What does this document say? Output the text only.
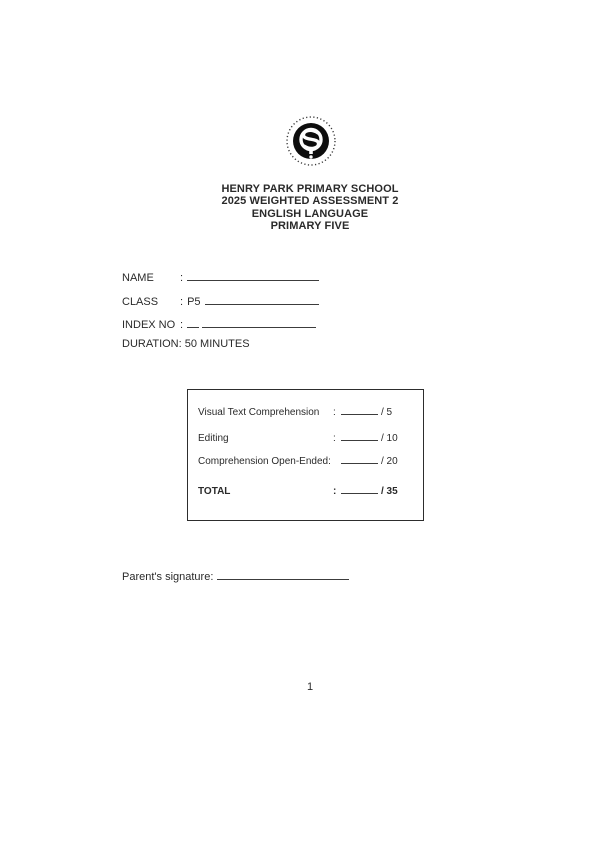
HENRY PARK PRIMARY SCHOOL
2025 WEIGHTED ASSESSMENT 2
ENGLISH LANGUAGE
PRIMARY FIVE
NAME	:
CLASS	: P5
INDEX NO :
DURATION: 50 MINUTES
Visual Text Comprehension	:	/ 5
Editing	:	/ 10
Comprehension Open-Ended:	/ 20
TOTAL	:	/ 35
Parent's signature:
1
